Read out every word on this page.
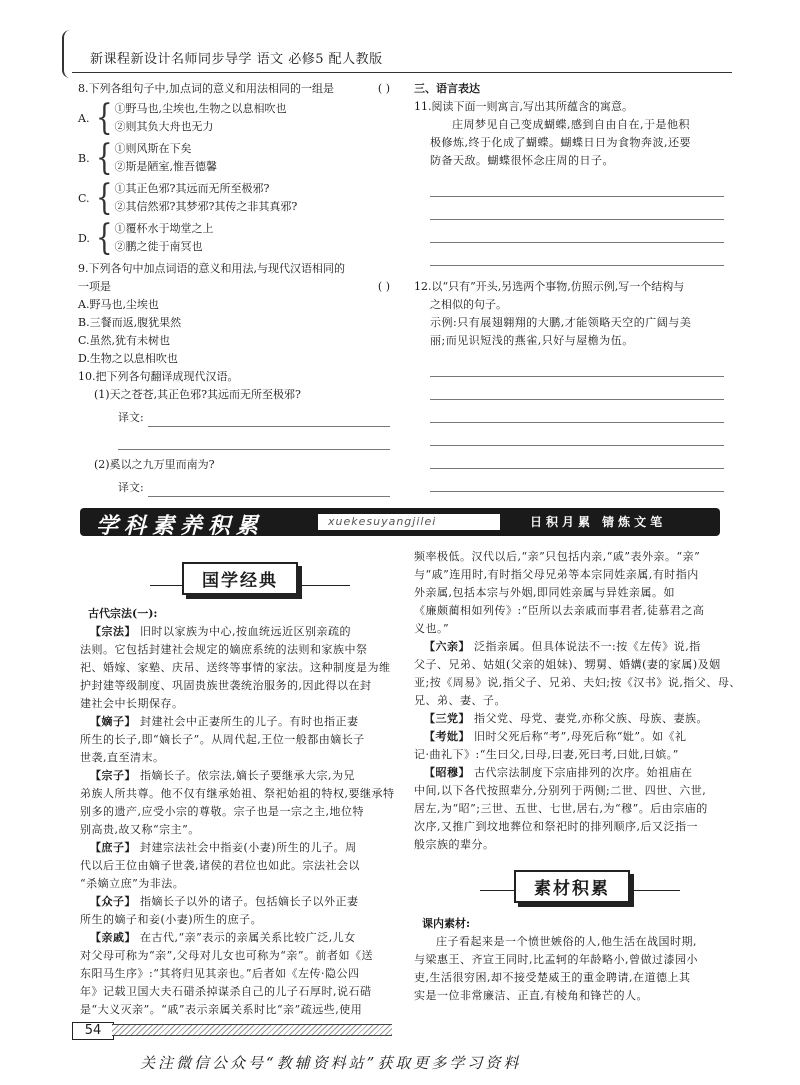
新课程新设计名师同步导学 语文 必修5 配人教版
8.下列各组句子中,加点词的意义和用法相同的一组是	( )
A. { ①野马也,尘埃也,生物之以息相吹也
②则其负大舟也无力
B. { ①则风斯在下矣
②斯是陋室,惟吾德馨
C. { ①其正色邪?其远而无所至极邪?
②其信然邪?其梦邪?其传之非其真邪?
D. { ①覆杯水于坳堂之上
②鹏之徙于南冥也
9.下列各句中加点词语的意义和用法,与现代汉语相同的
一项是	( )
A.野马也,尘埃也
B.三餐而返,腹犹果然
C.虽然,犹有未树也
D.生物之以息相吹也
10.把下列各句翻译成现代汉语。
(1)天之苍苍,其正色邪?其远而无所至极邪?
译文:
(2)奚以之九万里而南为?
译文:
三、语言表达
11.阅读下面一则寓言,写出其所蕴含的寓意。
庄周梦见自己变成蝴蝶,感到自由自在,于是他积
极修炼,终于化成了蝴蝶。蝴蝶日日为食物奔波,还要
防备天敌。蝴蝶很怀念庄周的日子。
12.以“只有”开头,另选两个事物,仿照示例,写一个结构与
之相似的句子。
示例:只有展翅翱翔的大鹏,才能领略天空的广阔与美
丽;而见识短浅的燕雀,只好与屋檐为伍。
学科素养积累	xuekesuyangjilei	日积月累 锖炼文笔
国学经典
古代宗法(一):
【宗法】 旧时以家族为中心,按血统远近区别亲疏的
法则。它包括封建社会规定的嫡庶系统的法则和家族中祭
祀、婚嫁、家塾、庆吊、送终等事情的家法。这种制度是为维
护封建等级制度、巩固贵族世袭统治服务的,因此得以在封
建社会中长期保存。
【嫡子】 封建社会中正妻所生的儿子。有时也指正妻
所生的长子,即“嫡长子”。从周代起,王位一般都由嫡长子
世袭,直至清末。
【宗子】 指嫡长子。依宗法,嫡长子要继承大宗,为兄
弟族人所共尊。他不仅有继承始祖、祭祀始祖的特权,要继承特
别多的遗产,应受小宗的尊敬。宗子也是一宗之主,地位特
别高贵,故又称“宗主”。
【庶子】 封建宗法社会中指妾(小妻)所生的儿子。周
代以后王位由嫡子世袭,诸侯的君位也如此。宗法社会以
“杀嫡立庶”为非法。
【众子】 指嫡长子以外的诸子。包括嫡长子以外正妻
所生的嫡子和妾(小妻)所生的庶子。
【亲戚】 在古代,“亲”表示的亲属关系比较广泛,儿女
对父母可称为“亲”,父母对儿女也可称为“亲”。前者如《送
东阳马生序》:“其将归见其亲也。”后者如《左传·隐公四
年》记载卫国大夫石碏杀掉谋杀自己的儿子石厚时,说石碏
是“大义灭亲”。“戚”表示亲属关系时比“亲”疏远些,使用
频率极低。汉代以后,“亲”只包括内亲,“戚”表外亲。“亲”
与“戚”连用时,有时指父母兄弟等本宗同姓亲属,有时指内
外亲属,包括本宗与外姻,即同姓亲属与异姓亲属。如
《廉颇蔺相如列传》:“臣所以去亲戚而事君者,徒慕君之高
义也。”
【六亲】 泛指亲属。但具体说法不一:按《左传》说,指
父子、兄弟、姑姐(父亲的姐妹)、甥舅、婚媾(妻的家属)及姻
亚;按《周易》说,指父子、兄弟、夫妇;按《汉书》说,指父、母、
兄、弟、妻、子。
【三党】 指父党、母党、妻党,亦称父族、母族、妻族。
【考妣】 旧时父死后称“考”,母死后称“妣”。如《礼
记·曲礼下》:“生曰父,曰母,曰妻,死曰考,曰妣,曰嫔。”
【昭穆】 古代宗法制度下宗庙排列的次序。始祖庙在
中间,以下各代按照辈分,分别列于两侧;二世、四世、六世,
居左,为“昭”;三世、五世、七世,居右,为“穆”。后由宗庙的
次序,又推广到坟地葬位和祭祀时的排列顺序,后又泛指一
般宗族的辈分。
素材积累
课内素材:
庄子看起来是一个愤世嫉俗的人,他生活在战国时期,
与梁惠王、齐宣王同时,比孟轲的年龄略小,曾做过漆园小
吏,生活很穷困,却不接受楚威王的重金聘请,在道德上其
实是一位非常廉洁、正直,有棱角和锋芒的人。
54
关注微信公众号“教辅资料站”获取更多学习资料
